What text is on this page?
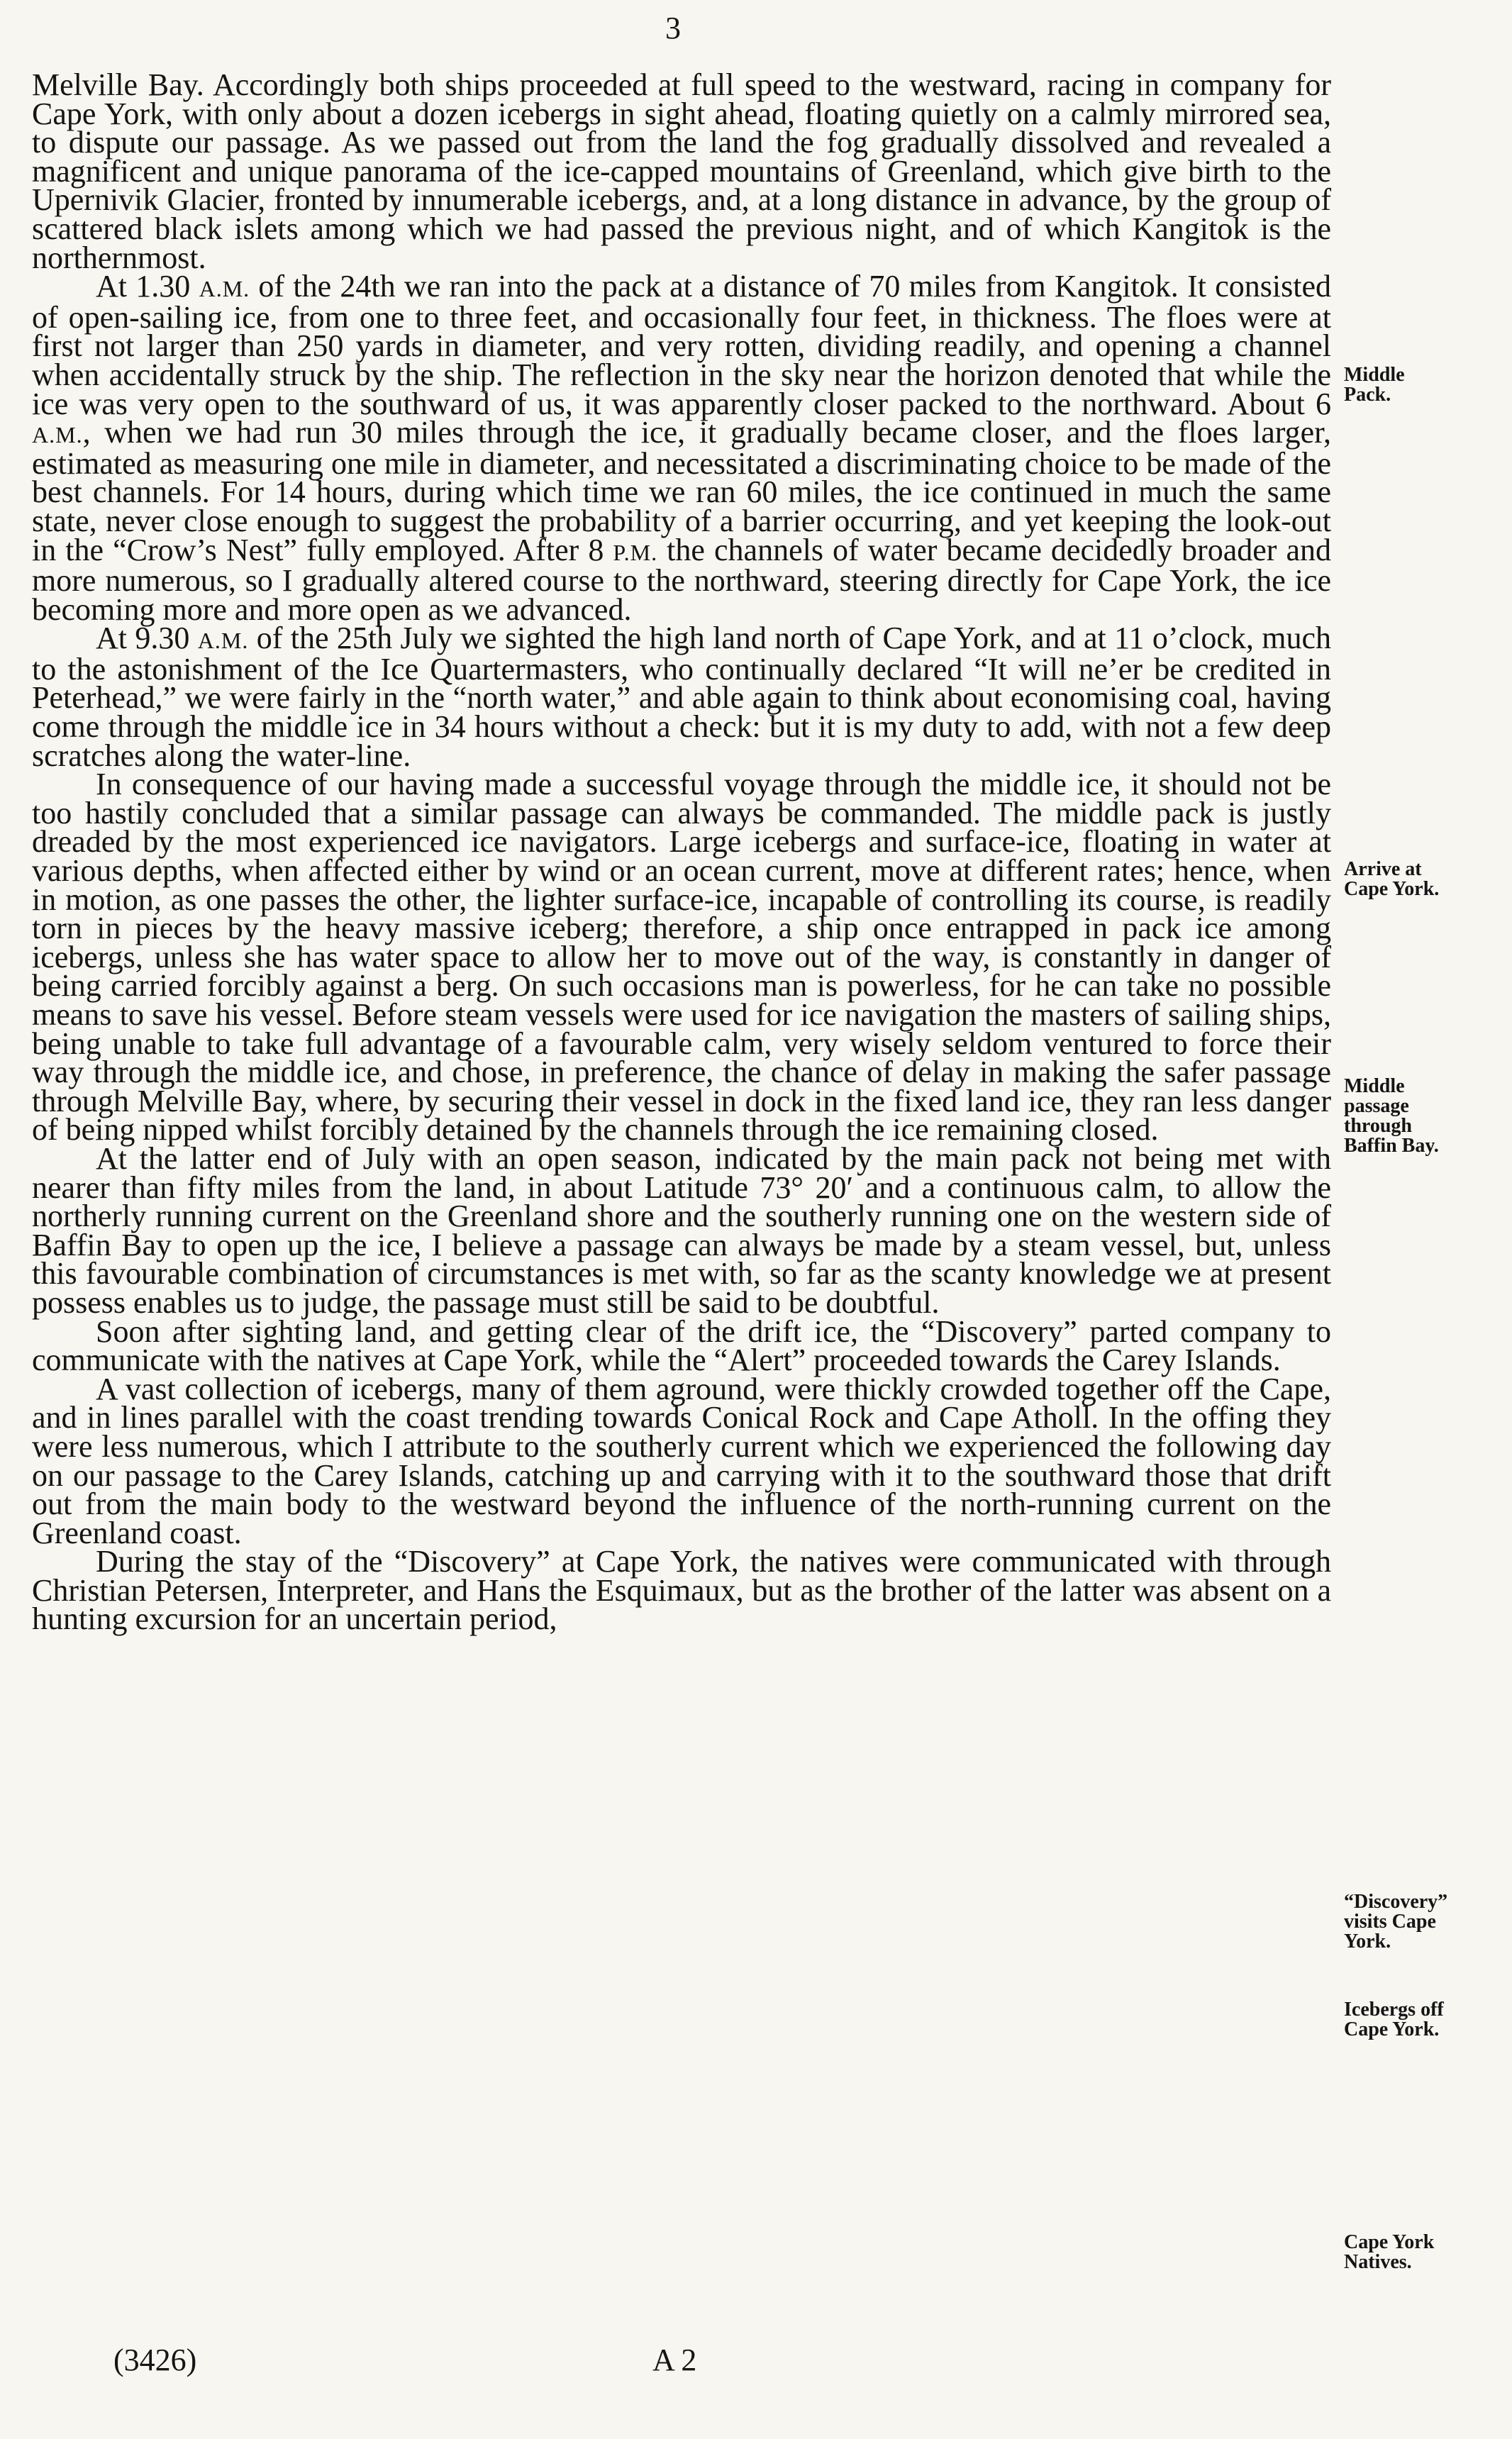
3

Melville Bay. Accordingly both ships proceeded at full speed to the westward, racing in company for Cape York, with only about a dozen icebergs in sight ahead, floating quietly on a calmly mirrored sea, to dispute our passage. As we passed out from the land the fog gradually dissolved and revealed a magnificent and unique panorama of the ice-capped mountains of Greenland, which give birth to the Upernivik Glacier, fronted by innumerable icebergs, and, at a long distance in advance, by the group of scattered black islets among which we had passed the previous night, and of which Kangitok is the northernmost.

At 1.30 A.M. of the 24th we ran into the pack at a distance of 70 miles from Kangitok. It consisted of open-sailing ice, from one to three feet, and occasionally four feet, in thickness. The floes were at first not larger than 250 yards in diameter, and very rotten, dividing readily, and opening a channel when accidentally struck by the ship. The reflection in the sky near the horizon denoted that while the ice was very open to the southward of us, it was apparently closer packed to the northward. About 6 A.M., when we had run 30 miles through the ice, it gradually became closer, and the floes larger, estimated as measuring one mile in diameter, and necessitated a discriminating choice to be made of the best channels. For 14 hours, during which time we ran 60 miles, the ice continued in much the same state, never close enough to suggest the probability of a barrier occurring, and yet keeping the look-out in the “Crow’s Nest” fully employed. After 8 P.M. the channels of water became decidedly broader and more numerous, so I gradually altered course to the northward, steering directly for Cape York, the ice becoming more and more open as we advanced.

At 9.30 A.M. of the 25th July we sighted the high land north of Cape York, and at 11 o’clock, much to the astonishment of the Ice Quartermasters, who continually declared “It will ne’er be credited in Peterhead,” we were fairly in the “north water,” and able again to think about economising coal, having come through the middle ice in 34 hours without a check: but it is my duty to add, with not a few deep scratches along the water-line.

In consequence of our having made a successful voyage through the middle ice, it should not be too hastily concluded that a similar passage can always be commanded. The middle pack is justly dreaded by the most experienced ice navigators. Large icebergs and surface-ice, floating in water at various depths, when affected either by wind or an ocean current, move at different rates; hence, when in motion, as one passes the other, the lighter surface-ice, incapable of controlling its course, is readily torn in pieces by the heavy massive iceberg; therefore, a ship once entrapped in pack ice among icebergs, unless she has water space to allow her to move out of the way, is constantly in danger of being carried forcibly against a berg. On such occasions man is powerless, for he can take no possible means to save his vessel. Before steam vessels were used for ice navigation the masters of sailing ships, being unable to take full advantage of a favourable calm, very wisely seldom ventured to force their way through the middle ice, and chose, in preference, the chance of delay in making the safer passage through Melville Bay, where, by securing their vessel in dock in the fixed land ice, they ran less danger of being nipped whilst forcibly detained by the channels through the ice remaining closed.

At the latter end of July with an open season, indicated by the main pack not being met with nearer than fifty miles from the land, in about Latitude 73° 20′ and a continuous calm, to allow the northerly running current on the Greenland shore and the southerly running one on the western side of Baffin Bay to open up the ice, I believe a passage can always be made by a steam vessel, but, unless this favourable combination of circumstances is met with, so far as the scanty knowledge we at present possess enables us to judge, the passage must still be said to be doubtful.

Soon after sighting land, and getting clear of the drift ice, the “Discovery” parted company to communicate with the natives at Cape York, while the “Alert” proceeded towards the Carey Islands.

A vast collection of icebergs, many of them aground, were thickly crowded together off the Cape, and in lines parallel with the coast trending towards Conical Rock and Cape Atholl. In the offing they were less numerous, which I attribute to the southerly current which we experienced the following day on our passage to the Carey Islands, catching up and carrying with it to the southward those that drift out from the main body to the westward beyond the influence of the north-running current on the Greenland coast.

During the stay of the “Discovery” at Cape York, the natives were communicated with through Christian Petersen, Interpreter, and Hans the Esquimaux, but as the brother of the latter was absent on a hunting excursion for an uncertain period,

Middle
Pack.
Arrive at
Cape York.
Middle
passage
through
Baffin Bay.
“Discovery”
visits Cape
York.
Icebergs off
Cape York.
Cape York
Natives.
(3426)	A 2
